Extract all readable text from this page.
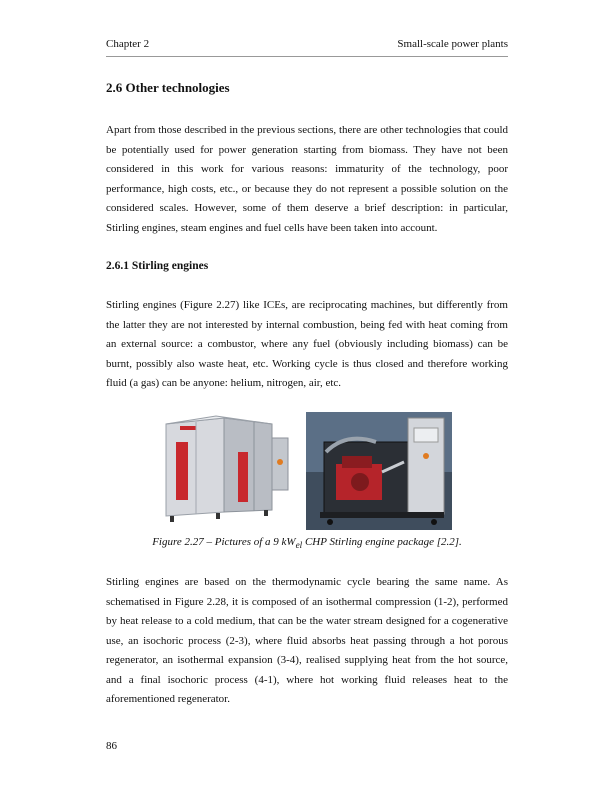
Chapter 2	Small-scale power plants
2.6 Other technologies

Apart from those described in the previous sections, there are other technologies that could be potentially used for power generation starting from biomass. They have not been considered in this work for various reasons: immaturity of the technology, poor performance, high costs, etc., or because they do not represent a possible solution on the considered scales. However, some of them deserve a brief description: in particular, Stirling engines, steam engines and fuel cells have been taken into account.

2.6.1 Stirling engines

Stirling engines (Figure 2.27) like ICEs, are reciprocating machines, but differently from the latter they are not interested by internal combustion, being fed with heat coming from an external source: a combustor, where any fuel (obviously including biomass) can be burnt, possibly also waste heat, etc. Working cycle is thus closed and therefore working fluid (a gas) can be anyone: helium, nitrogen, air, etc.

Figure 2.27 – Pictures of a 9 $kW_{el}$ CHP Stirling engine package [2.2].

Stirling engines are based on the thermodynamic cycle bearing the same name. As schematised in Figure 2.28, it is composed of an isothermal compression (1-2), performed by heat release to a cold medium, that can be the water stream designed for a cogenerative use, an isochoric process (2-3), where fluid absorbs heat passing through a hot porous regenerator, an isothermal expansion (3-4), realised supplying heat from the hot source, and a final isochoric process (4-1), where hot working fluid releases heat to the aforementioned regenerator.

86
